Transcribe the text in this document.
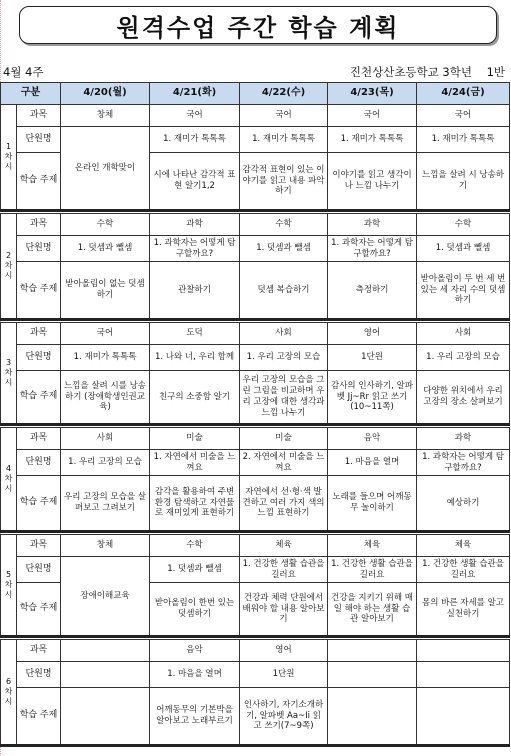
원격수업 주간 학습 계획
4월 4주	진천상산초등학교 3학년    1반
구분		4/20(월)	4/21(화)	4/22(수)	4/23(목)	4/24(금)
1 차시	과목	창체	국어	국어	국어	국어
	단원명	온라인 개학맞이	1. 재미가 톡톡톡	1. 재미가 톡톡톡	1. 재미가 톡톡톡	1. 재미가 톡톡톡
	학습 주제		시에 나타난 감각적 표현 알기1,2	감각적 표현이 있는 이야기를 읽고 내용 파악하기	이야기를 읽고 생각이나 느낌 나누기	느낌을 살려 시 낭송하기

2 차시	과목	수학	과학	수학	과학	수학
	단원명	1. 덧셈과 뺄셈	1. 과학자는 어떻게 탐구할까요?	1. 덧셈과 뺄셈	1. 과학자는 어떻게 탐구할까요?	1. 덧셈과 뺄셈
	학습 주제	받아올림이 없는 덧셈하기	관찰하기	덧셈 복습하기	측정하기	받아올림이 두 번 세 번 있는 세 자리 수의 덧셈하기

3 차시	과목	국어	도덕	사회	영어	사회
	단원명	1. 재미가 톡톡톡	1. 나와 너, 우리 함께	1. 우리 고장의 모습	1단원	1. 우리 고장의 모습
	학습 주제	느낌을 살려 시를 낭송하기 (장애학생인권교육)	친구의 소중함 알기	우리 고장의 모습을 그린 그림을 비교하며 우리 고장에 대한 생각과 느낌 나누기	감사의 인사하기, 알파벳 Jj~Rr 읽고 쓰기(10~11쪽)	다양한 위치에서 우리 고장의 장소 살펴보기

4 차시	과목	사회	미술	미술	음악	과학
	단원명	1. 우리 고장의 모습	1. 자연에서 미술을 느껴요	2. 자연에서 미술을 느껴요	1. 마음을 열며	1. 과학자는 어떻게 탐구할까요?
	학습 주제	우리 고장의 모습을 살펴보고 그려보기	감각을 활용하여 주변 환경 탐색하고 자연물로 재미있게 표현하기	자연에서 선·형·색 발견하고 여러 가지 색의 느낌 표현하기	노래를 들으며 어깨동무 놀이하기	예상하기

5 차시	과목	창체	수학	체육	체육	체육
	단원명	장애이해교육	1. 덧셈과 뺄셈	1. 건강한 생활 습관을 길러요	1. 건강한 생활 습관을 길러요	1. 건강한 생활 습관을 길러요
	학습 주제		받아올림이 한번 있는 덧셈하기	건강과 체력 단원에서 배워야 할 내용 알아보기	건강을 지키기 위해 매일 해야 하는 생활 습관 알아보기	몸의 바른 자세를 알고 실천하기

6 차시	과목		음악	영어		
	단원명		1. 마음을 열며	1단원		
	학습 주제		어깨동무의 기본박을 알아보고 노래부르기	인사하기, 자기소개하기, 알파벳 Aa~Ii 읽고 쓰기(7~9쪽)		
